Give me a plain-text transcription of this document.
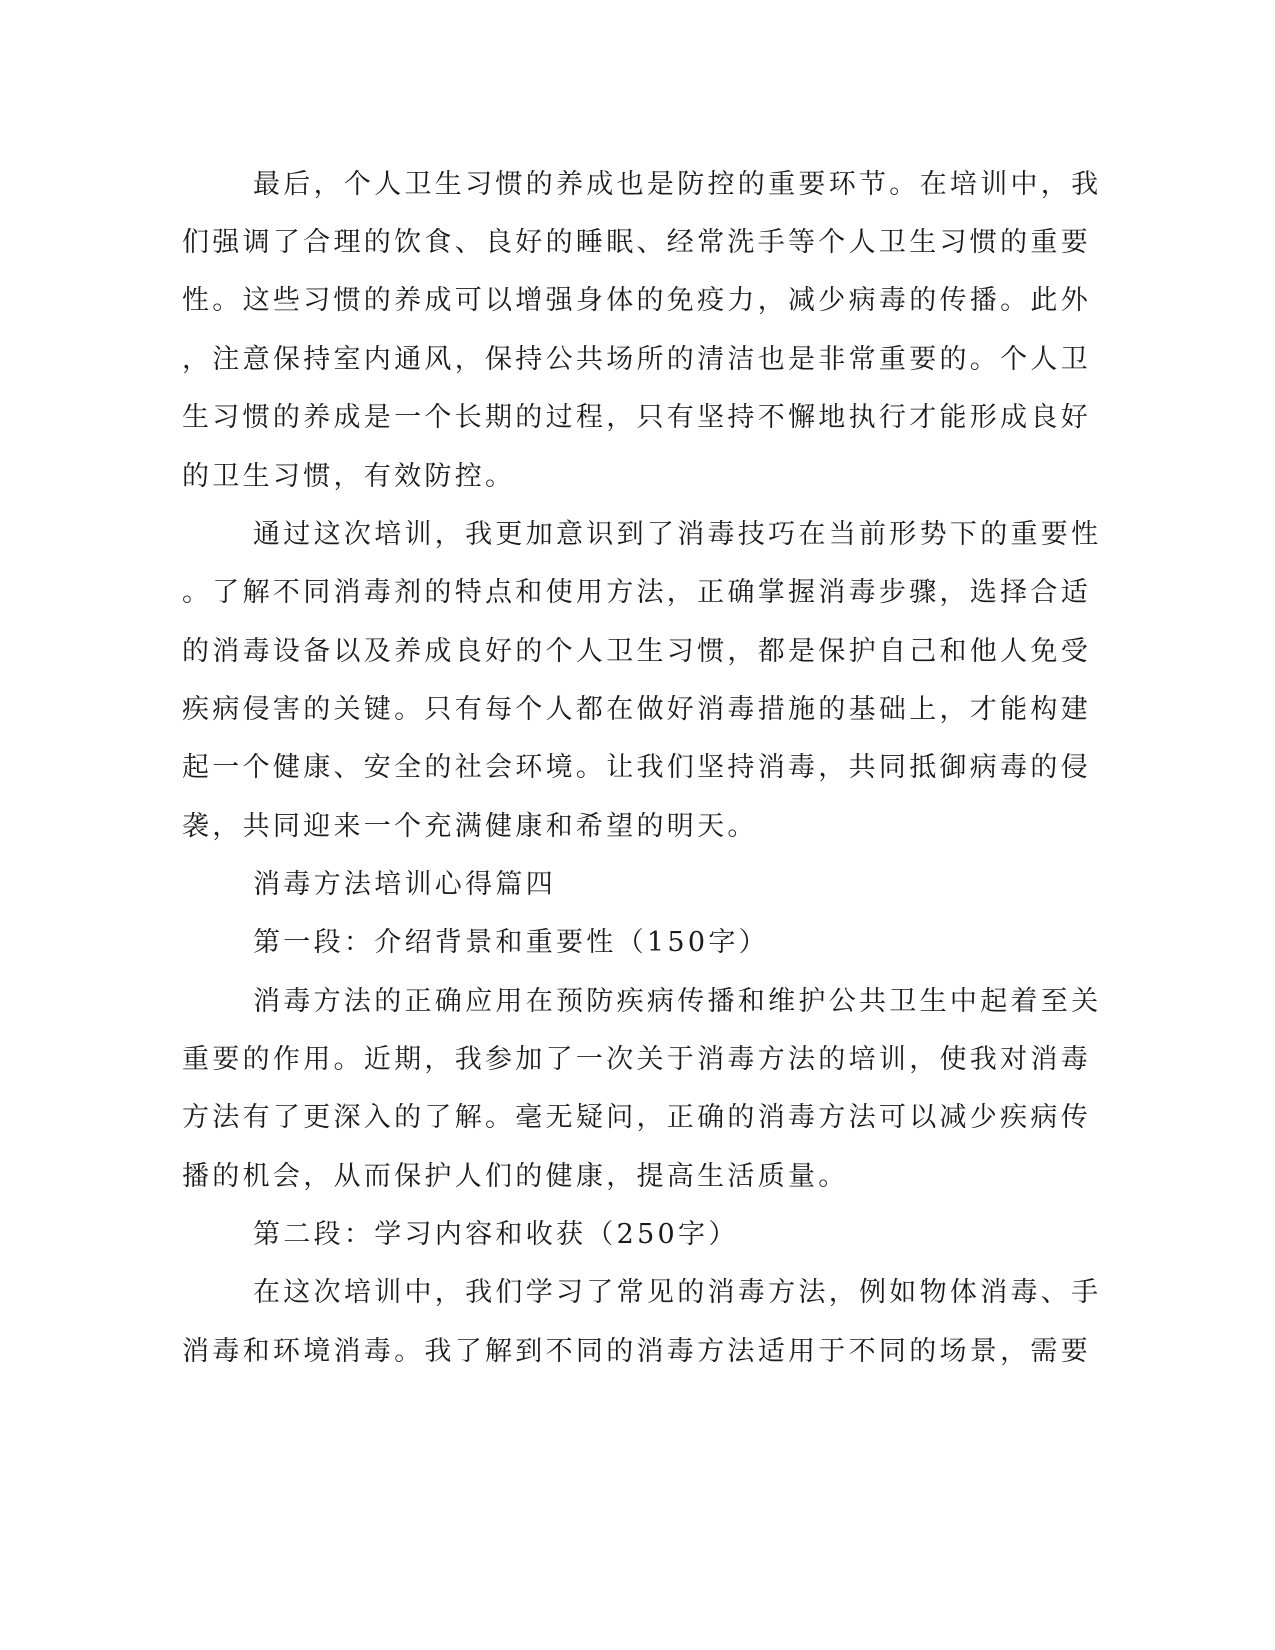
最后，个人卫生习惯的养成也是防控的重要环节。在培训中，我

们强调了合理的饮食、良好的睡眠、经常洗手等个人卫生习惯的重要

性。这些习惯的养成可以增强身体的免疫力，减少病毒的传播。此外

，注意保持室内通风，保持公共场所的清洁也是非常重要的。个人卫

生习惯的养成是一个长期的过程，只有坚持不懈地执行才能形成良好

的卫生习惯，有效防控。

通过这次培训，我更加意识到了消毒技巧在当前形势下的重要性

。了解不同消毒剂的特点和使用方法，正确掌握消毒步骤，选择合适

的消毒设备以及养成良好的个人卫生习惯，都是保护自己和他人免受

疾病侵害的关键。只有每个人都在做好消毒措施的基础上，才能构建

起一个健康、安全的社会环境。让我们坚持消毒，共同抵御病毒的侵

袭，共同迎来一个充满健康和希望的明天。

消毒方法培训心得篇四

第一段：介绍背景和重要性（150字）

消毒方法的正确应用在预防疾病传播和维护公共卫生中起着至关

重要的作用。近期，我参加了一次关于消毒方法的培训，使我对消毒

方法有了更深入的了解。毫无疑问，正确的消毒方法可以减少疾病传

播的机会，从而保护人们的健康，提高生活质量。

第二段：学习内容和收获（250字）

在这次培训中，我们学习了常见的消毒方法，例如物体消毒、手

消毒和环境消毒。我了解到不同的消毒方法适用于不同的场景，需要
